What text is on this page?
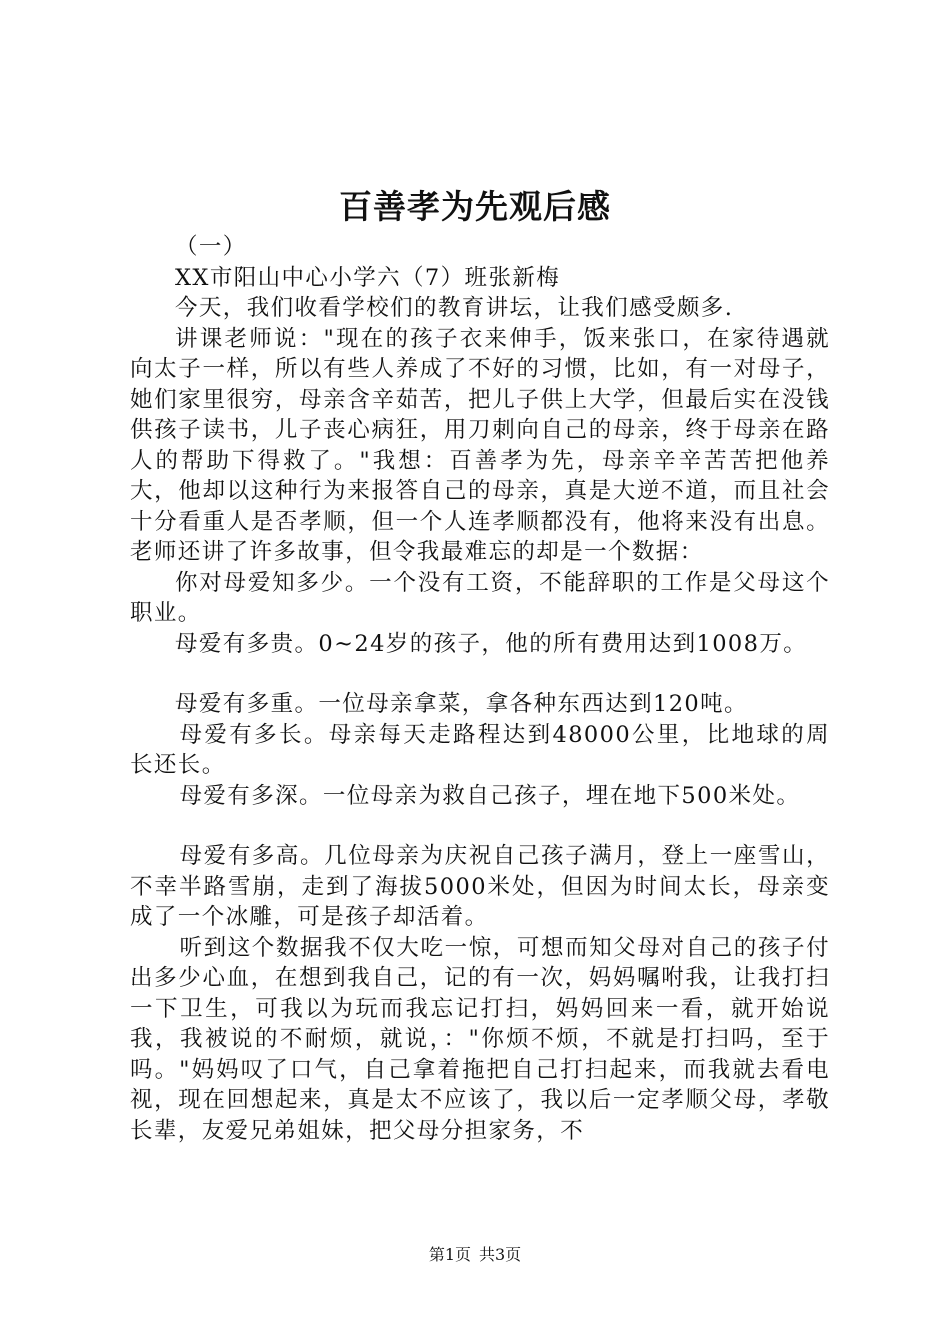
百善孝为先观后感

（一）

XX市阳山中心小学六（7）班张新梅

今天，我们收看学校们的教育讲坛，让我们感受颇多.

讲课老师说："现在的孩子衣来伸手，饭来张口，在家待遇就向太子一样，所以有些人养成了不好的习惯，比如，有一对母子，她们家里很穷，母亲含辛茹苦，把儿子供上大学，但最后实在没钱供孩子读书，儿子丧心病狂，用刀刺向自己的母亲，终于母亲在路人的帮助下得救了。"我想：百善孝为先，母亲辛辛苦苦把他养大，他却以这种行为来报答自己的母亲，真是大逆不道，而且社会十分看重人是否孝顺，但一个人连孝顺都没有，他将来没有出息。老师还讲了许多故事，但令我最难忘的却是一个数据：

你对母爱知多少。一个没有工资，不能辞职的工作是父母这个职业。

母爱有多贵。0~24岁的孩子，他的所有费用达到1008万。

母爱有多重。一位母亲拿菜，拿各种东西达到120吨。

母爱有多长。母亲每天走路程达到48000公里，比地球的周长还长。

母爱有多深。一位母亲为救自己孩子，埋在地下500米处。

母爱有多高。几位母亲为庆祝自己孩子满月，登上一座雪山，不幸半路雪崩，走到了海拔5000米处，但因为时间太长，母亲变成了一个冰雕，可是孩子却活着。

听到这个数据我不仅大吃一惊，可想而知父母对自己的孩子付出多少心血，在想到我自己，记的有一次，妈妈嘱咐我，让我打扫一下卫生，可我以为玩而我忘记打扫，妈妈回来一看，就开始说我，我被说的不耐烦，就说，："你烦不烦，不就是打扫吗，至于吗。"妈妈叹了口气，自己拿着拖把自己打扫起来，而我就去看电视，现在回想起来，真是太不应该了，我以后一定孝顺父母，孝敬长辈，友爱兄弟姐妹，把父母分担家务，不

第1页 共3页
